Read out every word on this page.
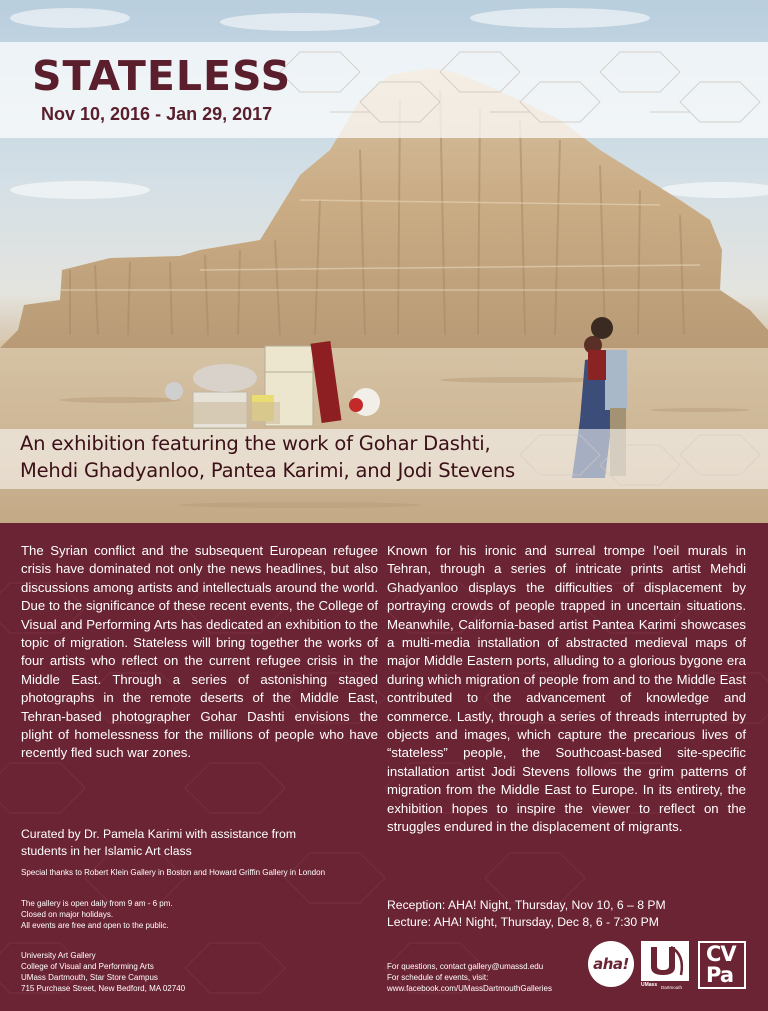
STATELESS
Nov 10, 2016 - Jan 29, 2017
An exhibition featuring the work of Gohar Dashti,
Mehdi Ghadyanloo, Pantea Karimi, and Jodi Stevens

The Syrian conflict and the subsequent European refugee crisis have dominated not only the news headlines, but also discussions among artists and intellectuals around the world. Due to the significance of these recent events, the College of Visual and Performing Arts has dedicated an exhibition to the topic of migration. Stateless will bring together the works of four artists who reflect on the current refugee crisis in the Middle East. Through a series of astonishing staged photographs in the remote deserts of the Middle East, Tehran-based photographer Gohar Dashti envisions the plight of homelessness for the millions of people who have recently fled such war zones.

Known for his ironic and surreal trompe l'oeil murals in Tehran, through a series of intricate prints artist Mehdi Ghadyanloo displays the difficulties of displacement by portraying crowds of people trapped in uncertain situations. Meanwhile, California-based artist Pantea Karimi showcases a multi-media installation of abstracted medieval maps of major Middle Eastern ports, alluding to a glorious bygone era during which migration of people from and to the Middle East contributed to the advancement of knowledge and commerce. Lastly, through a series of threads interrupted by objects and images, which capture the precarious lives of “stateless” people, the Southcoast-based site-specific installation artist Jodi Stevens follows the grim patterns of migration from the Middle East to Europe. In its entirety, the exhibition hopes to inspire the viewer to reflect on the struggles endured in the displacement of migrants.

Curated by Dr. Pamela Karimi with assistance from
students in her Islamic Art class
Special thanks to Robert Klein Gallery in Boston and Howard Griffin Gallery in London
The gallery is open daily from 9 am - 6 pm.
Closed on major holidays.
All events are free and open to the public.
University Art Gallery
College of Visual and Performing Arts
UMass Dartmouth, Star Store Campus
715 Purchase Street, New Bedford, MA 02740
Reception: AHA! Night, Thursday, Nov 10, 6 – 8 PM
Lecture: AHA! Night, Thursday, Dec 8, 6 - 7:30 PM
For questions, contact gallery@umassd.edu
For schedule of events, visit:
www.facebook.com/UMassDartmouthGalleries
aha!
UMass Dartmouth
CV
Pa
